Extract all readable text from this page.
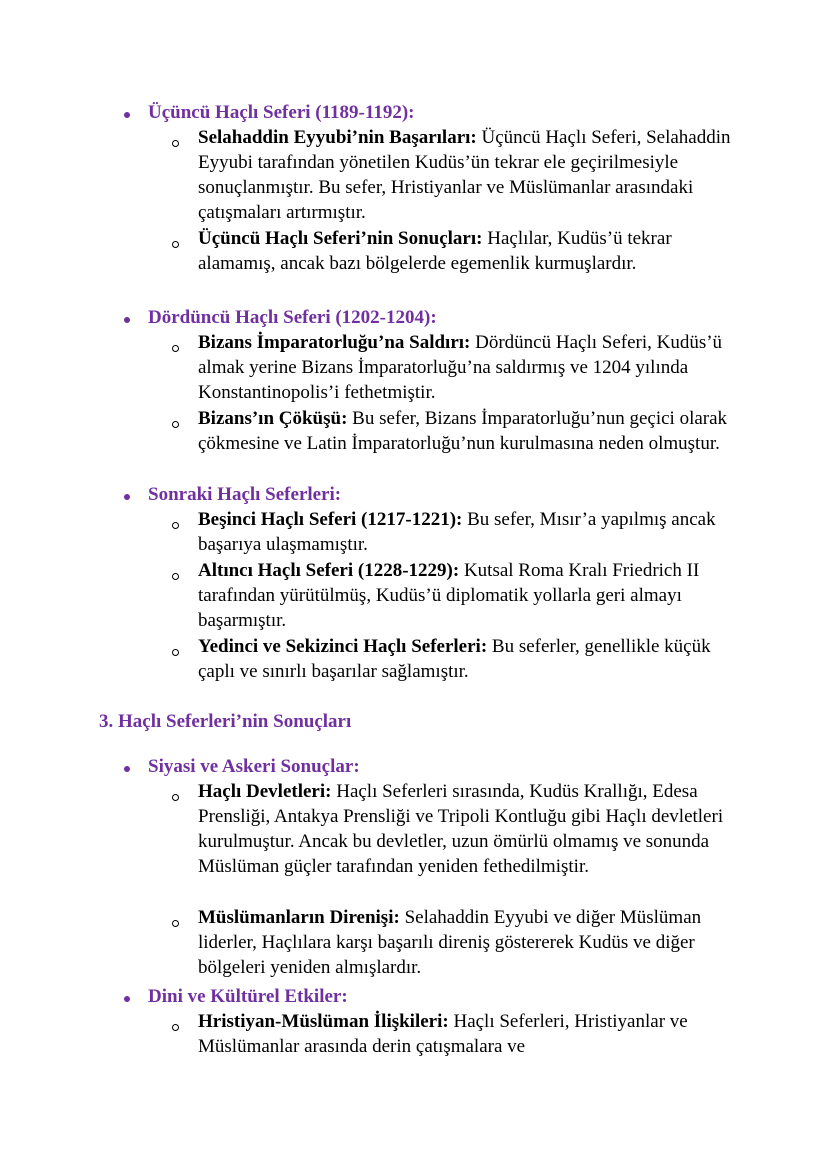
Üçüncü Haçlı Seferi (1189-1192):
Selahaddin Eyyubi’nin Başarıları: Üçüncü Haçlı Seferi, Selahaddin Eyyubi tarafından yönetilen Kudüs’ün tekrar ele geçirilmesiyle sonuçlanmıştır. Bu sefer, Hristiyanlar ve Müslümanlar arasındaki çatışmaları artırmıştır.
Üçüncü Haçlı Seferi’nin Sonuçları: Haçlılar, Kudüs’ü tekrar alamamış, ancak bazı bölgelerde egemenlik kurmuşlardır.
Dördüncü Haçlı Seferi (1202-1204):
Bizans İmparatorluğu’na Saldırı: Dördüncü Haçlı Seferi, Kudüs’ü almak yerine Bizans İmparatorluğu’na saldırmış ve 1204 yılında Konstantinopolis’i fethetmiştir.
Bizans’ın Çöküşü: Bu sefer, Bizans İmparatorluğu’nun geçici olarak çökmesine ve Latin İmparatorluğu’nun kurulmasına neden olmuştur.
Sonraki Haçlı Seferleri:
Beşinci Haçlı Seferi (1217-1221): Bu sefer, Mısır’a yapılmış ancak başarıya ulaşmamıştır.
Altıncı Haçlı Seferi (1228-1229): Kutsal Roma Kralı Friedrich II tarafından yürütülmüş, Kudüs’ü diplomatik yollarla geri almayı başarmıştır.
Yedinci ve Sekizinci Haçlı Seferleri: Bu seferler, genellikle küçük çaplı ve sınırlı başarılar sağlamıştır.
3. Haçlı Seferleri’nin Sonuçları
Siyasi ve Askeri Sonuçlar:
Haçlı Devletleri: Haçlı Seferleri sırasında, Kudüs Krallığı, Edesa Prensliği, Antakya Prensliği ve Tripoli Kontluğu gibi Haçlı devletleri kurulmuştur. Ancak bu devletler, uzun ömürlü olmamış ve sonunda Müslüman güçler tarafından yeniden fethedilmiştir.
Müslümanların Direnişi: Selahaddin Eyyubi ve diğer Müslüman liderler, Haçlılara karşı başarılı direniş göstererek Kudüs ve diğer bölgeleri yeniden almışlardır.
Dini ve Kültürel Etkiler:
Hristiyan-Müslüman İlişkileri: Haçlı Seferleri, Hristiyanlar ve Müslümanlar arasında derin çatışmalara ve
